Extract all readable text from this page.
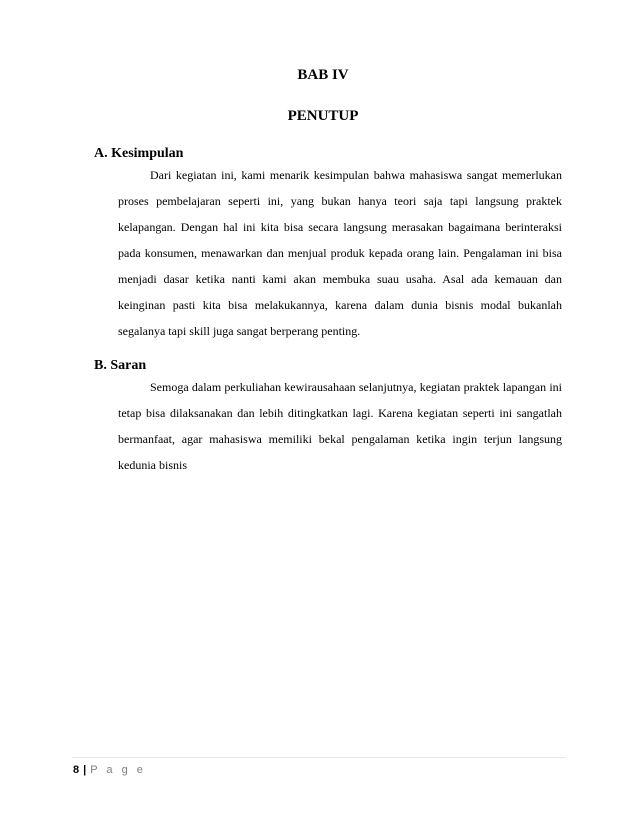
BAB IV
PENUTUP
A. Kesimpulan

Dari kegiatan ini, kami menarik kesimpulan bahwa mahasiswa sangat memerlukan proses pembelajaran seperti ini, yang bukan hanya teori saja tapi langsung praktek kelapangan. Dengan hal ini kita bisa secara langsung merasakan bagaimana berinteraksi pada konsumen, menawarkan dan menjual produk kepada orang lain. Pengalaman ini bisa menjadi dasar ketika nanti kami akan membuka suau usaha. Asal ada kemauan dan keinginan pasti kita bisa melakukannya, karena dalam dunia bisnis modal bukanlah segalanya tapi skill juga sangat berperang penting.

B. Saran

Semoga dalam perkuliahan kewirausahaan selanjutnya, kegiatan praktek lapangan ini tetap bisa dilaksanakan dan lebih ditingkatkan lagi. Karena kegiatan seperti ini sangatlah bermanfaat, agar mahasiswa memiliki bekal pengalaman ketika ingin terjun langsung kedunia bisnis

8 | P a g e
